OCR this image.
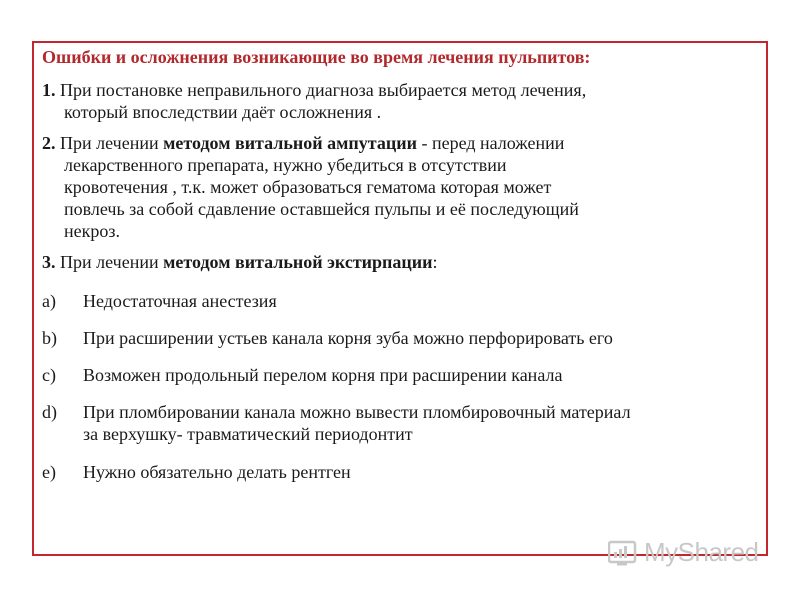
Ошибки и осложнения возникающие во время лечения пульпитов:
1. При постановке неправильного диагноза выбирается метод лечения,
который впоследствии даёт осложнения .
2. При лечении методом витальной ампутации - перед наложении
лекарственного препарата, нужно убедиться в отсутствии
кровотечения , т.к. может образоваться гематома которая может
повлечь за собой сдавление оставшейся пульпы и её последующий
некроз.
3. При лечении методом витальной экстирпации:
a) Недостаточная анестезия
b) При расширении устьев канала корня зуба можно перфорировать его
c) Возможен продольный перелом корня при расширении канала
d) При пломбировании канала можно вывести пломбировочный материал
за верхушку- травматический периодонтит
e) Нужно обязательно делать рентген
MyShared
